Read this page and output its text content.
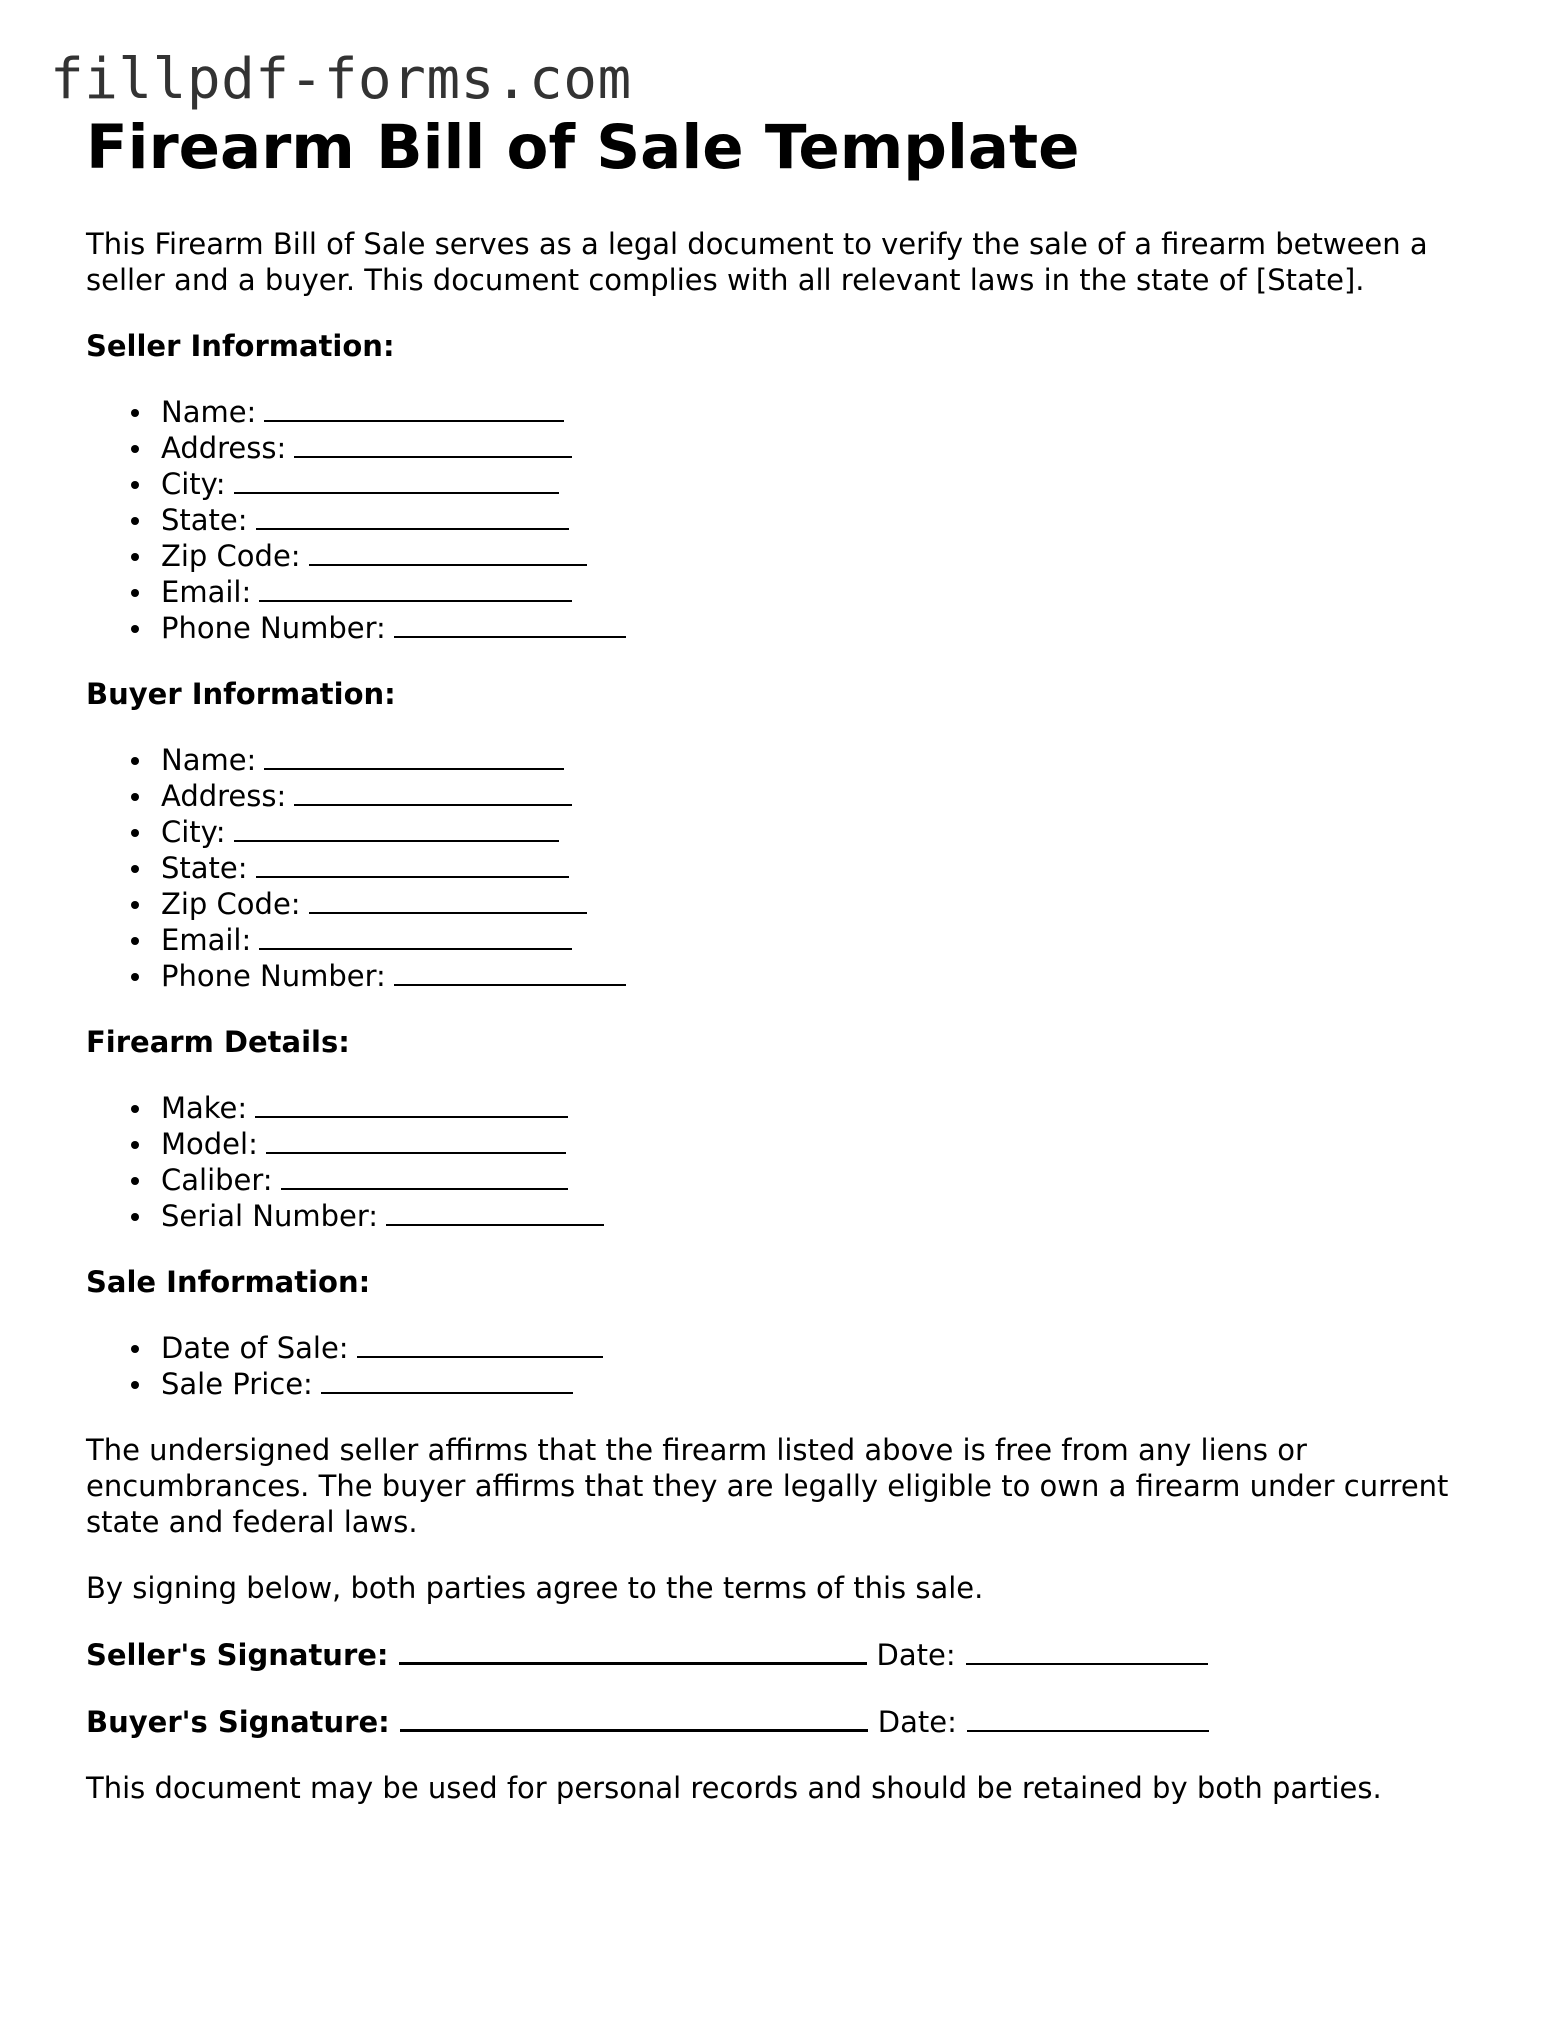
fillpdf-forms.com
Firearm Bill of Sale Template

This Firearm Bill of Sale serves as a legal document to verify the sale of a firearm between a seller and a buyer. This document complies with all relevant laws in the state of [State].

Seller Information:
Name:
Address:
City:
State:
Zip Code:
Email:
Phone Number:
Buyer Information:
Name:
Address:
City:
State:
Zip Code:
Email:
Phone Number:
Firearm Details:
Make:
Model:
Caliber:
Serial Number:
Sale Information:
Date of Sale:
Sale Price:

The undersigned seller affirms that the firearm listed above is free from any liens or encumbrances. The buyer affirms that they are legally eligible to own a firearm under current state and federal laws.

By signing below, both parties agree to the terms of this sale.

Seller's Signature:	Date:
Buyer's Signature:	Date:

This document may be used for personal records and should be retained by both parties.
